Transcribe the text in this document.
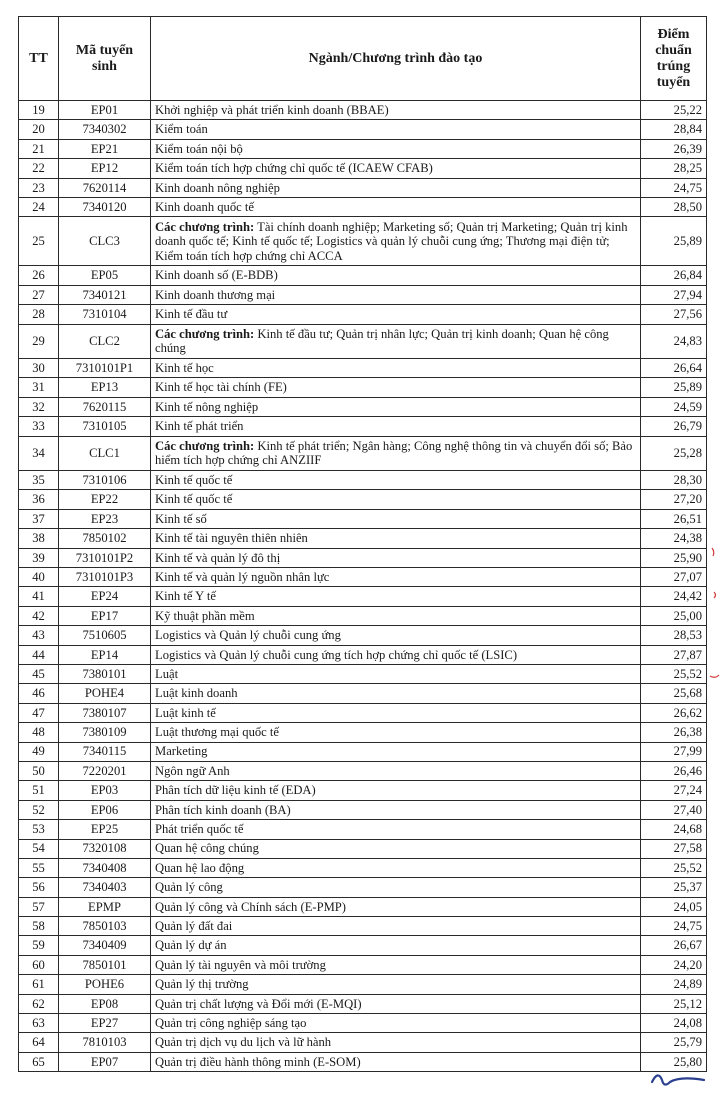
TT	Mã tuyển sinh	Ngành/Chương trình đào tạo	Điểm chuẩn trúng tuyển
19	EP01	Khởi nghiệp và phát triển kinh doanh (BBAE)	25,22
20	7340302	Kiểm toán	28,84
21	EP21	Kiểm toán nội bộ	26,39
22	EP12	Kiểm toán tích hợp chứng chỉ quốc tế (ICAEW CFAB)	28,25
23	7620114	Kinh doanh nông nghiệp	24,75
24	7340120	Kinh doanh quốc tế	28,50
25	CLC3	Các chương trình: Tài chính doanh nghiệp; Marketing số; Quản trị Marketing; Quản trị kinh doanh quốc tế; Kinh tế quốc tế; Logistics và quản lý chuỗi cung ứng; Thương mại điện tử; Kiểm toán tích hợp chứng chỉ ACCA	25,89
26	EP05	Kinh doanh số (E-BDB)	26,84
27	7340121	Kinh doanh thương mại	27,94
28	7310104	Kinh tế đầu tư	27,56
29	CLC2	Các chương trình: Kinh tế đầu tư; Quản trị nhân lực; Quản trị kinh doanh; Quan hệ công chúng	24,83
30	7310101P1	Kinh tế học	26,64
31	EP13	Kinh tế học tài chính (FE)	25,89
32	7620115	Kinh tế nông nghiệp	24,59
33	7310105	Kinh tế phát triển	26,79
34	CLC1	Các chương trình: Kinh tế phát triển; Ngân hàng; Công nghệ thông tin và chuyển đổi số; Bảo hiểm tích hợp chứng chỉ ANZIIF	25,28
35	7310106	Kinh tế quốc tế	28,30
36	EP22	Kinh tế quốc tế	27,20
37	EP23	Kinh tế số	26,51
38	7850102	Kinh tế tài nguyên thiên nhiên	24,38
39	7310101P2	Kinh tế và quản lý đô thị	25,90
40	7310101P3	Kinh tế và quản lý nguồn nhân lực	27,07
41	EP24	Kinh tế Y tế	24,42
42	EP17	Kỹ thuật phần mềm	25,00
43	7510605	Logistics và Quản lý chuỗi cung ứng	28,53
44	EP14	Logistics và Quản lý chuỗi cung ứng tích hợp chứng chỉ quốc tế (LSIC)	27,87
45	7380101	Luật	25,52
46	POHE4	Luật kinh doanh	25,68
47	7380107	Luật kinh tế	26,62
48	7380109	Luật thương mại quốc tế	26,38
49	7340115	Marketing	27,99
50	7220201	Ngôn ngữ Anh	26,46
51	EP03	Phân tích dữ liệu kinh tế (EDA)	27,24
52	EP06	Phân tích kinh doanh (BA)	27,40
53	EP25	Phát triển quốc tế	24,68
54	7320108	Quan hệ công chúng	27,58
55	7340408	Quan hệ lao động	25,52
56	7340403	Quản lý công	25,37
57	EPMP	Quản lý công và Chính sách (E-PMP)	24,05
58	7850103	Quản lý đất đai	24,75
59	7340409	Quản lý dự án	26,67
60	7850101	Quản lý tài nguyên và môi trường	24,20
61	POHE6	Quản lý thị trường	24,89
62	EP08	Quản trị chất lượng và Đổi mới (E-MQI)	25,12
63	EP27	Quản trị công nghiệp sáng tạo	24,08
64	7810103	Quản trị dịch vụ du lịch và lữ hành	25,79
65	EP07	Quản trị điều hành thông minh (E-SOM)	25,80
